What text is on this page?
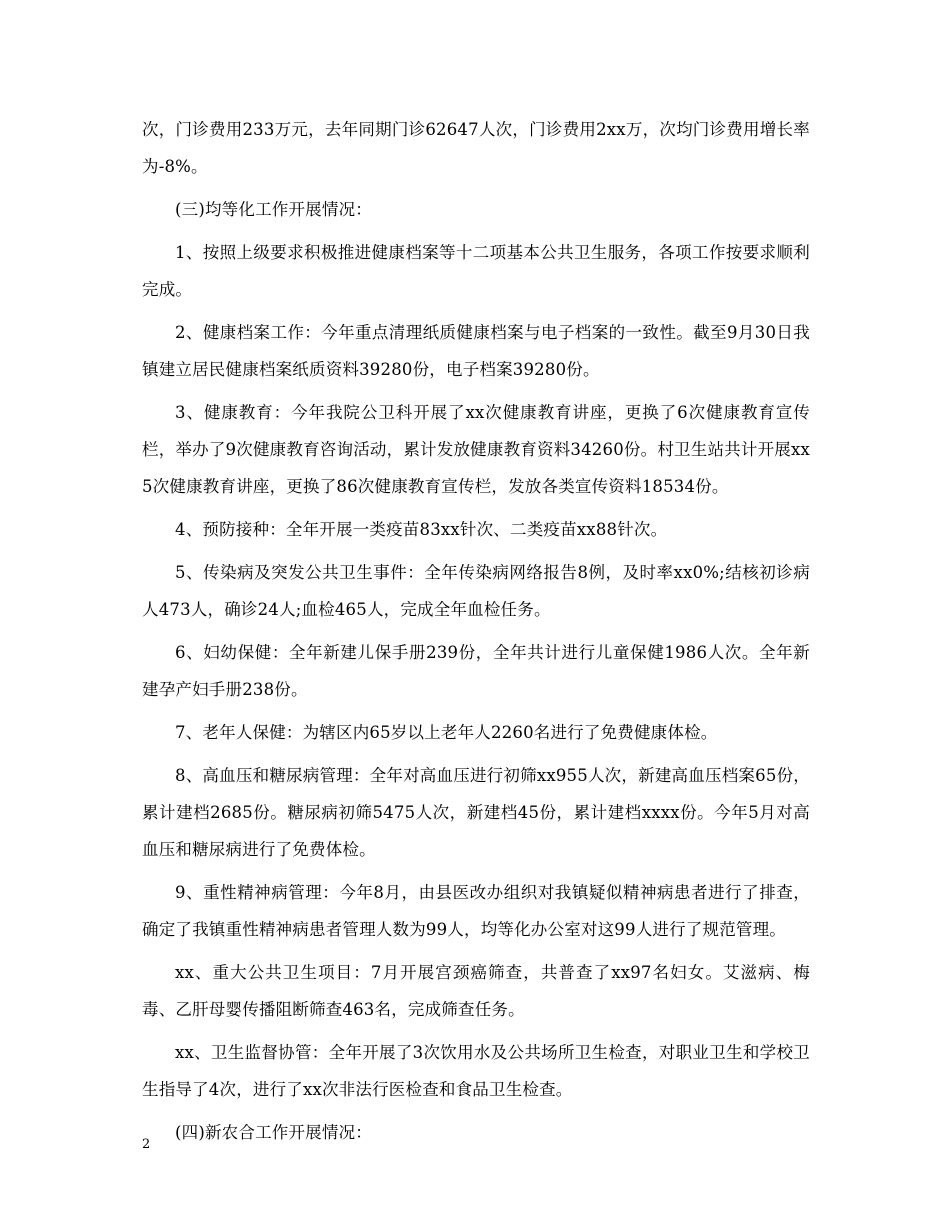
次，门诊费用233万元，去年同期门诊62647人次，门诊费用2xx万，次均门诊费用增长率为-8%。

(三)均等化工作开展情况：

1、按照上级要求积极推进健康档案等十二项基本公共卫生服务，各项工作按要求顺利完成。

2、健康档案工作：今年重点清理纸质健康档案与电子档案的一致性。截至9月30日我镇建立居民健康档案纸质资料39280份，电子档案39280份。

3、健康教育：今年我院公卫科开展了xx次健康教育讲座，更换了6次健康教育宣传栏，举办了9次健康教育咨询活动，累计发放健康教育资料34260份。村卫生站共计开展xx5次健康教育讲座，更换了86次健康教育宣传栏，发放各类宣传资料18534份。

4、预防接种：全年开展一类疫苗83xx针次、二类疫苗xx88针次。

5、传染病及突发公共卫生事件：全年传染病网络报告8例，及时率xx0%;结核初诊病人473人，确诊24人;血检465人，完成全年血检任务。

6、妇幼保健：全年新建儿保手册239份，全年共计进行儿童保健1986人次。全年新建孕产妇手册238份。

7、老年人保健：为辖区内65岁以上老年人2260名进行了免费健康体检。

8、高血压和糖尿病管理：全年对高血压进行初筛xx955人次，新建高血压档案65份，累计建档2685份。糖尿病初筛5475人次，新建档45份，累计建档xxxx份。今年5月对高血压和糖尿病进行了免费体检。

9、重性精神病管理：今年8月，由县医改办组织对我镇疑似精神病患者进行了排查，确定了我镇重性精神病患者管理人数为99人，均等化办公室对这99人进行了规范管理。

xx、重大公共卫生项目：7月开展宫颈癌筛查，共普查了xx97名妇女。艾滋病、梅毒、乙肝母婴传播阻断筛查463名，完成筛查任务。

xx、卫生监督协管：全年开展了3次饮用水及公共场所卫生检查，对职业卫生和学校卫生指导了4次，进行了xx次非法行医检查和食品卫生检查。

(四)新农合工作开展情况：

2
